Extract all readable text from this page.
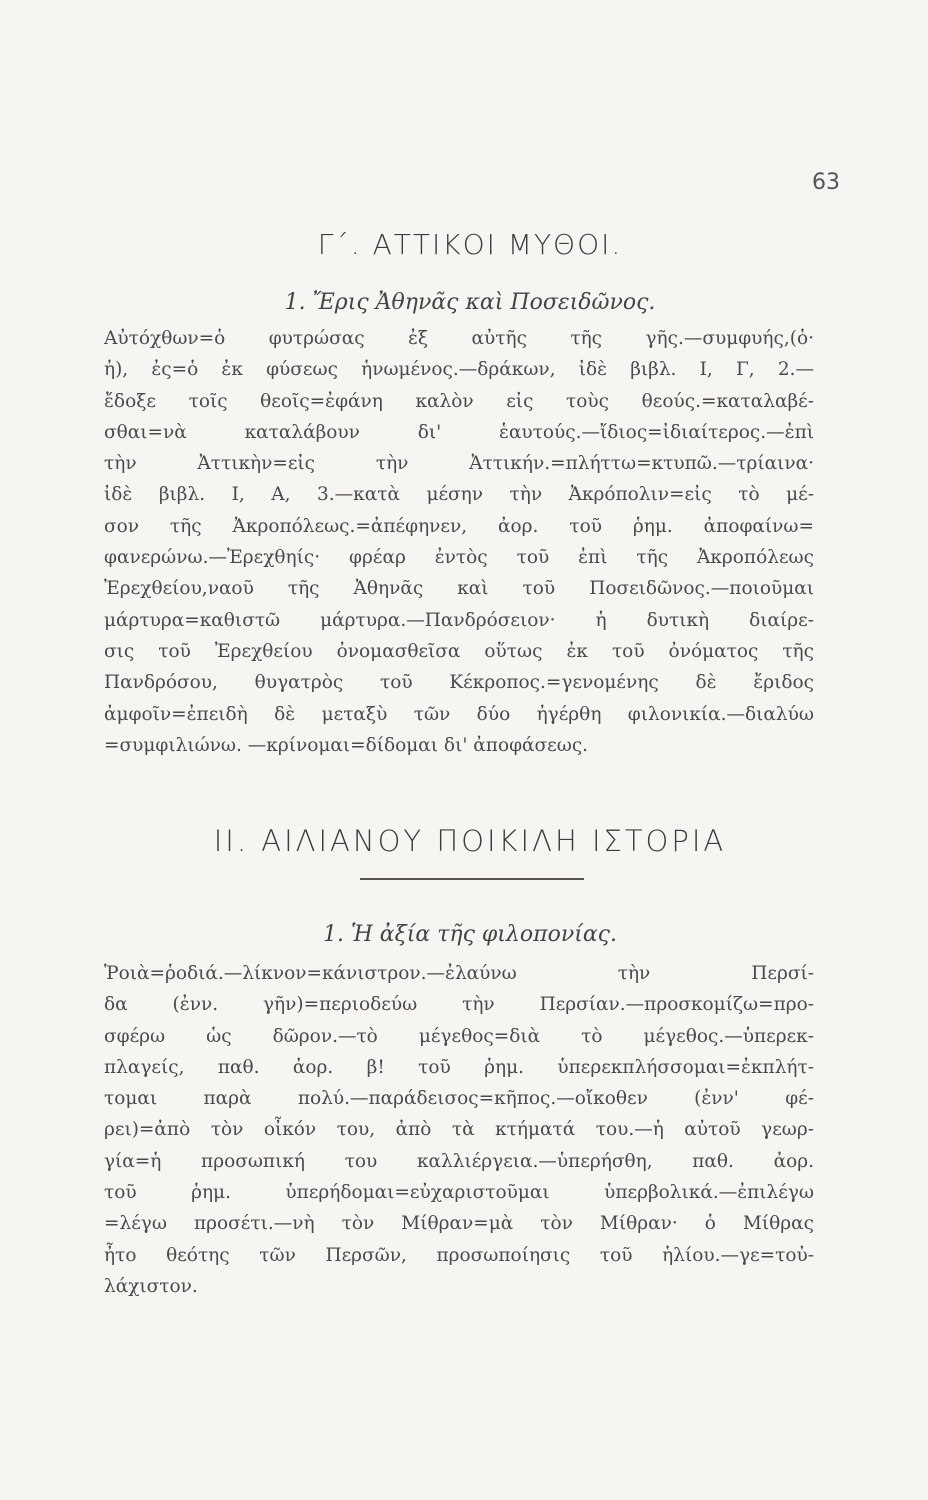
63
Γ΄. ΑΤΤΙΚΟΙ ΜΥΘΟΙ.
1. Ἔρις Ἀθηνᾶς καὶ Ποσειδῶνος.
Αὐτόχθων=ὁ φυτρώσας ἐξ αὐτῆς τῆς γῆς.—συμφυής,(ὁ·
ἡ), ἐς=ὁ ἐκ φύσεως ἡνωμένος.—δράκων, ἰδὲ βιβλ. Ι, Γ, 2.—
ἔδοξε τοῖς θεοῖς=ἐφάνη καλὸν εἰς τοὺς θεούς.=καταλαβέ-
σθαι=νὰ καταλάβουν δι' ἑαυτούς.—ἴδιος=ἰδιαίτερος.—ἐπὶ
τὴν Ἀττικὴν=εἰς τὴν Ἀττικήν.=πλήττω=κτυπῶ.—τρίαινα·
ἰδὲ βιβλ. Ι, Α, 3.—κατὰ μέσην τὴν Ἀκρόπολιν=εἰς τὸ μέ-
σον τῆς Ἀκροπόλεως.=ἀπέφηνεν, ἀορ. τοῦ ῥημ. ἀποφαίνω=
φανερώνω.—Ἐρεχθηίς· φρέαρ ἐντὸς τοῦ ἐπὶ τῆς Ἀκροπόλεως
Ἐρεχθείου,ναοῦ τῆς Ἀθηνᾶς καὶ τοῦ Ποσειδῶνος.—ποιοῦμαι
μάρτυρα=καθιστῶ μάρτυρα.—Πανδρόσειον· ἡ δυτικὴ διαίρε-
σις τοῦ Ἐρεχθείου ὀνομασθεῖσα οὕτως ἐκ τοῦ ὀνόματος τῆς
Πανδρόσου, θυγατρὸς τοῦ Κέκροπος.=γενομένης δὲ ἔριδος
ἀμφοῖν=ἐπειδὴ δὲ μεταξὺ τῶν δύο ἠγέρθη φιλονικία.—διαλύω
=συμφιλιώνω. —κρίνομαι=δίδομαι δι' ἀποφάσεως.
ΙΙ. ΑΙΛΙΑΝΟΥ ΠΟΙΚΙΛΗ ΙΣΤΟΡΙΑ
1. Ἡ ἀξία τῆς φιλοπονίας.
Ῥοιὰ=ῥοδιά.—λίκνον=κάνιστρον.—ἐλαύνω τὴν Περσί-
δα (ἐνν. γῆν)=περιοδεύω τὴν Περσίαν.—προσκομίζω=προ-
σφέρω ὡς δῶρον.—τὸ μέγεθος=διὰ τὸ μέγεθος.—ὑπερεκ-
πλαγείς, παθ. ἀορ. β! τοῦ ῥημ. ὑπερεκπλήσσομαι=ἐκπλήτ-
τομαι παρὰ πολύ.—παράδεισος=κῆπος.—οἴκοθεν (ἐνν' φέ-
ρει)=ἀπὸ τὸν οἶκόν του, ἀπὸ τὰ κτήματά του.—ἡ αὐτοῦ γεωρ-
γία=ἡ προσωπική του καλλιέργεια.—ὑπερήσθη, παθ. ἀορ.
τοῦ ῥημ. ὑπερήδομαι=εὐχαριστοῦμαι ὑπερβολικά.—ἐπιλέγω
=λέγω προσέτι.—νὴ τὸν Μίθραν=μὰ τὸν Μίθραν· ὁ Μίθρας
ἦτο θεότης τῶν Περσῶν, προσωποίησις τοῦ ἡλίου.—γε=τοὐ-
λάχιστον.
